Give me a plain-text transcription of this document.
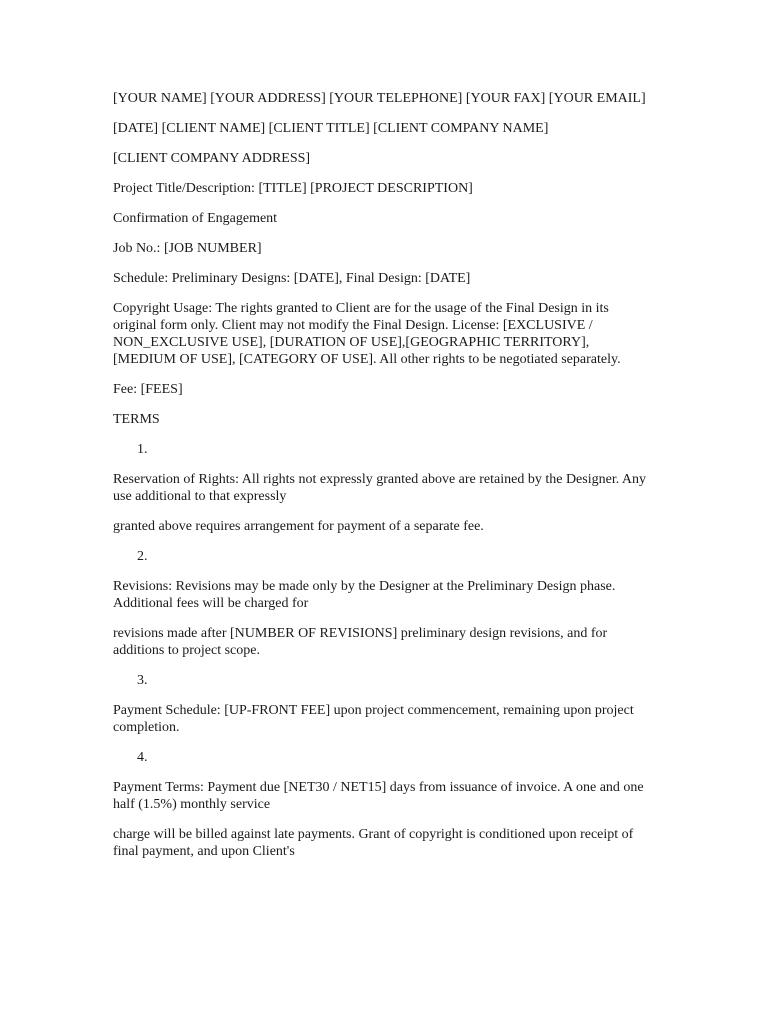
[YOUR NAME] [YOUR ADDRESS] [YOUR TELEPHONE] [YOUR FAX] [YOUR EMAIL]

[DATE] [CLIENT NAME] [CLIENT TITLE] [CLIENT COMPANY NAME]

[CLIENT COMPANY ADDRESS]

Project Title/Description: [TITLE] [PROJECT DESCRIPTION]

Confirmation of Engagement

Job No.: [JOB NUMBER]

Schedule: Preliminary Designs: [DATE], Final Design: [DATE]

Copyright Usage: The rights granted to Client are for the usage of the Final Design in its original form only. Client may not modify the Final Design. License: [EXCLUSIVE / NON_EXCLUSIVE USE], [DURATION OF USE],[GEOGRAPHIC TERRITORY], [MEDIUM OF USE], [CATEGORY OF USE]. All other rights to be negotiated separately.

Fee: [FEES]

TERMS

1.

Reservation of Rights: All rights not expressly granted above are retained by the Designer. Any use additional to that expressly

granted above requires arrangement for payment of a separate fee.

2.

Revisions: Revisions may be made only by the Designer at the Preliminary Design phase. Additional fees will be charged for

revisions made after [NUMBER OF REVISIONS] preliminary design revisions, and for additions to project scope.

3.

Payment Schedule: [UP-FRONT FEE] upon project commencement, remaining upon project completion.

4.

Payment Terms: Payment due [NET30 / NET15] days from issuance of invoice. A one and one half (1.5%) monthly service

charge will be billed against late payments. Grant of copyright is conditioned upon receipt of final payment, and upon Client's
